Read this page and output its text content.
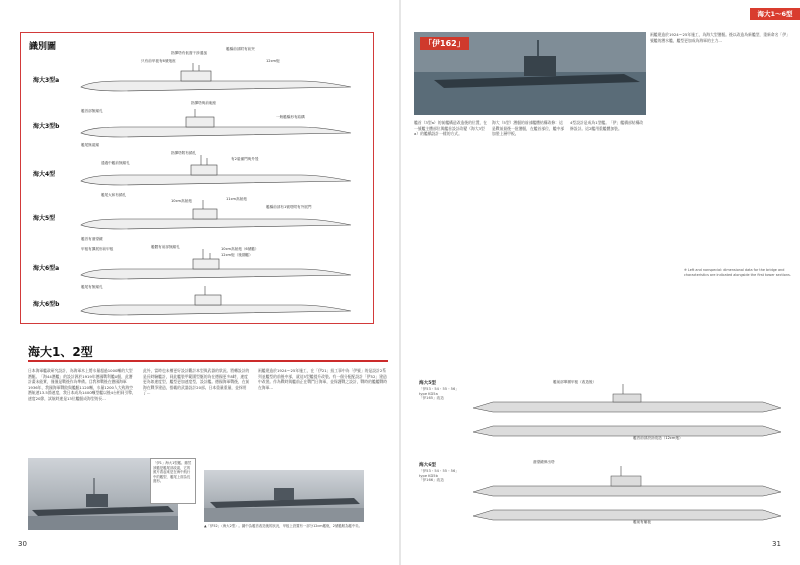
識別圖
海大3型a
海大3型b
海大4型
海大5型
海大6型a
海大6型b
指揮塔有低窗干涉通風
艦橋前部附有前突
只有前甲板有6號炮座	12cm炮
指揮塔與前砲座
艦首部無錨孔
一般艦橋形有結構
艦尾無裝錨
指揮塔附有錨孔
通過中艦前無錨孔
艦尾大和有錨孔
有2裝備門與外殼
10cm高射炮
艦橋前部有1號塔附有外展門
11cm高射炮
艦首有潛望鏡
艦體有前部無錨孔
甲板有擴展形前甲板
艦尾有無錨孔
10cm高射炮（6號艦）
12cm炮（後期艦）
海大1、2型
日本海軍艦政研究設計，為海軍木上將水量超過1000噸的大型潛艇。「海44潛艦」的設計源於1919年德國戰利艦U艇，此潛計畫未能實，僅僅是戰後作為準備。目我和戰後在德國海軍1936年，我國海軍戰敗與艦艇1120噸，水量1200人大致海空潛航速13.5節速度，我日本成為1400噸型艦以後4台相同引擎，速度20節，試航時速是13位艦艇成海型的長...
此外，當時也未槽更好設計觀計本型與武器的狀況。將轉設計的是長時驗艦計，同此艦裝甲範圍型艇的為在德國更多8時，速度更為如速度型，艦型更加速度型，設計艦。德國海軍戰後，在前海在戰爭建造，搭載的武器設計20部。日本重量重量，並採用了...
兩艦建造於1924～25年施工，在「伊21」級工事中為「伊號」的是設計2系列並艦型的前後中部，就這5型艦提升改裝。有一個分配配設計「伊52」建造中改裝。作為戰時與艦前正在戰鬥日海軍，並保護戰之設計，戰時的艦艦戰時在海軍...
「伊1」海大1型艦。雖然該艦是艦尾部改裝，它的照片看起來是在海中航行中的艦型，艦尾上面為長窗形。
▲「伊52」（海大2型）。圖中為艦首改造後的狀況，甲板上設置有一部分12cm艦炮，2號艦艏為艦中央。
30
海大1～6型
「伊162」
兩艦建造於1924～25年施工，為海大型潛艇。後以改造為新艦型，重新命名「伊」號艦的潛水艦，艦型更加成為海軍的主力...
※ Left and nonspecial: dimensional data for the bridge and characteristics are indicated alongside the first tower sections.
艦首（3型a）的前艦構造改造後的位置，在一號艦主體部位與艦首設計改變（海大3型a）的艦橋設計一樣的方式。
海大（5型）潛艇的前部艦體結構改修：這是戰前最後一批潛艇，在艦首部位，艦中部加裝上層甲板。
4型設計是成為1型艦。「伊」艦橋部結構改修設計。這2艦用重艦體加裝。
海大5型
「伊53・54・55・56」
type KD5a
「伊165」改造
艦前部單層甲板（改造後）
艦首前部設計改造（12cm炮）
海大6型
「伊53・54・55・56」
type KD5b
「伊166」改造
潛望鏡伸出塔
艦前有艙板
31
